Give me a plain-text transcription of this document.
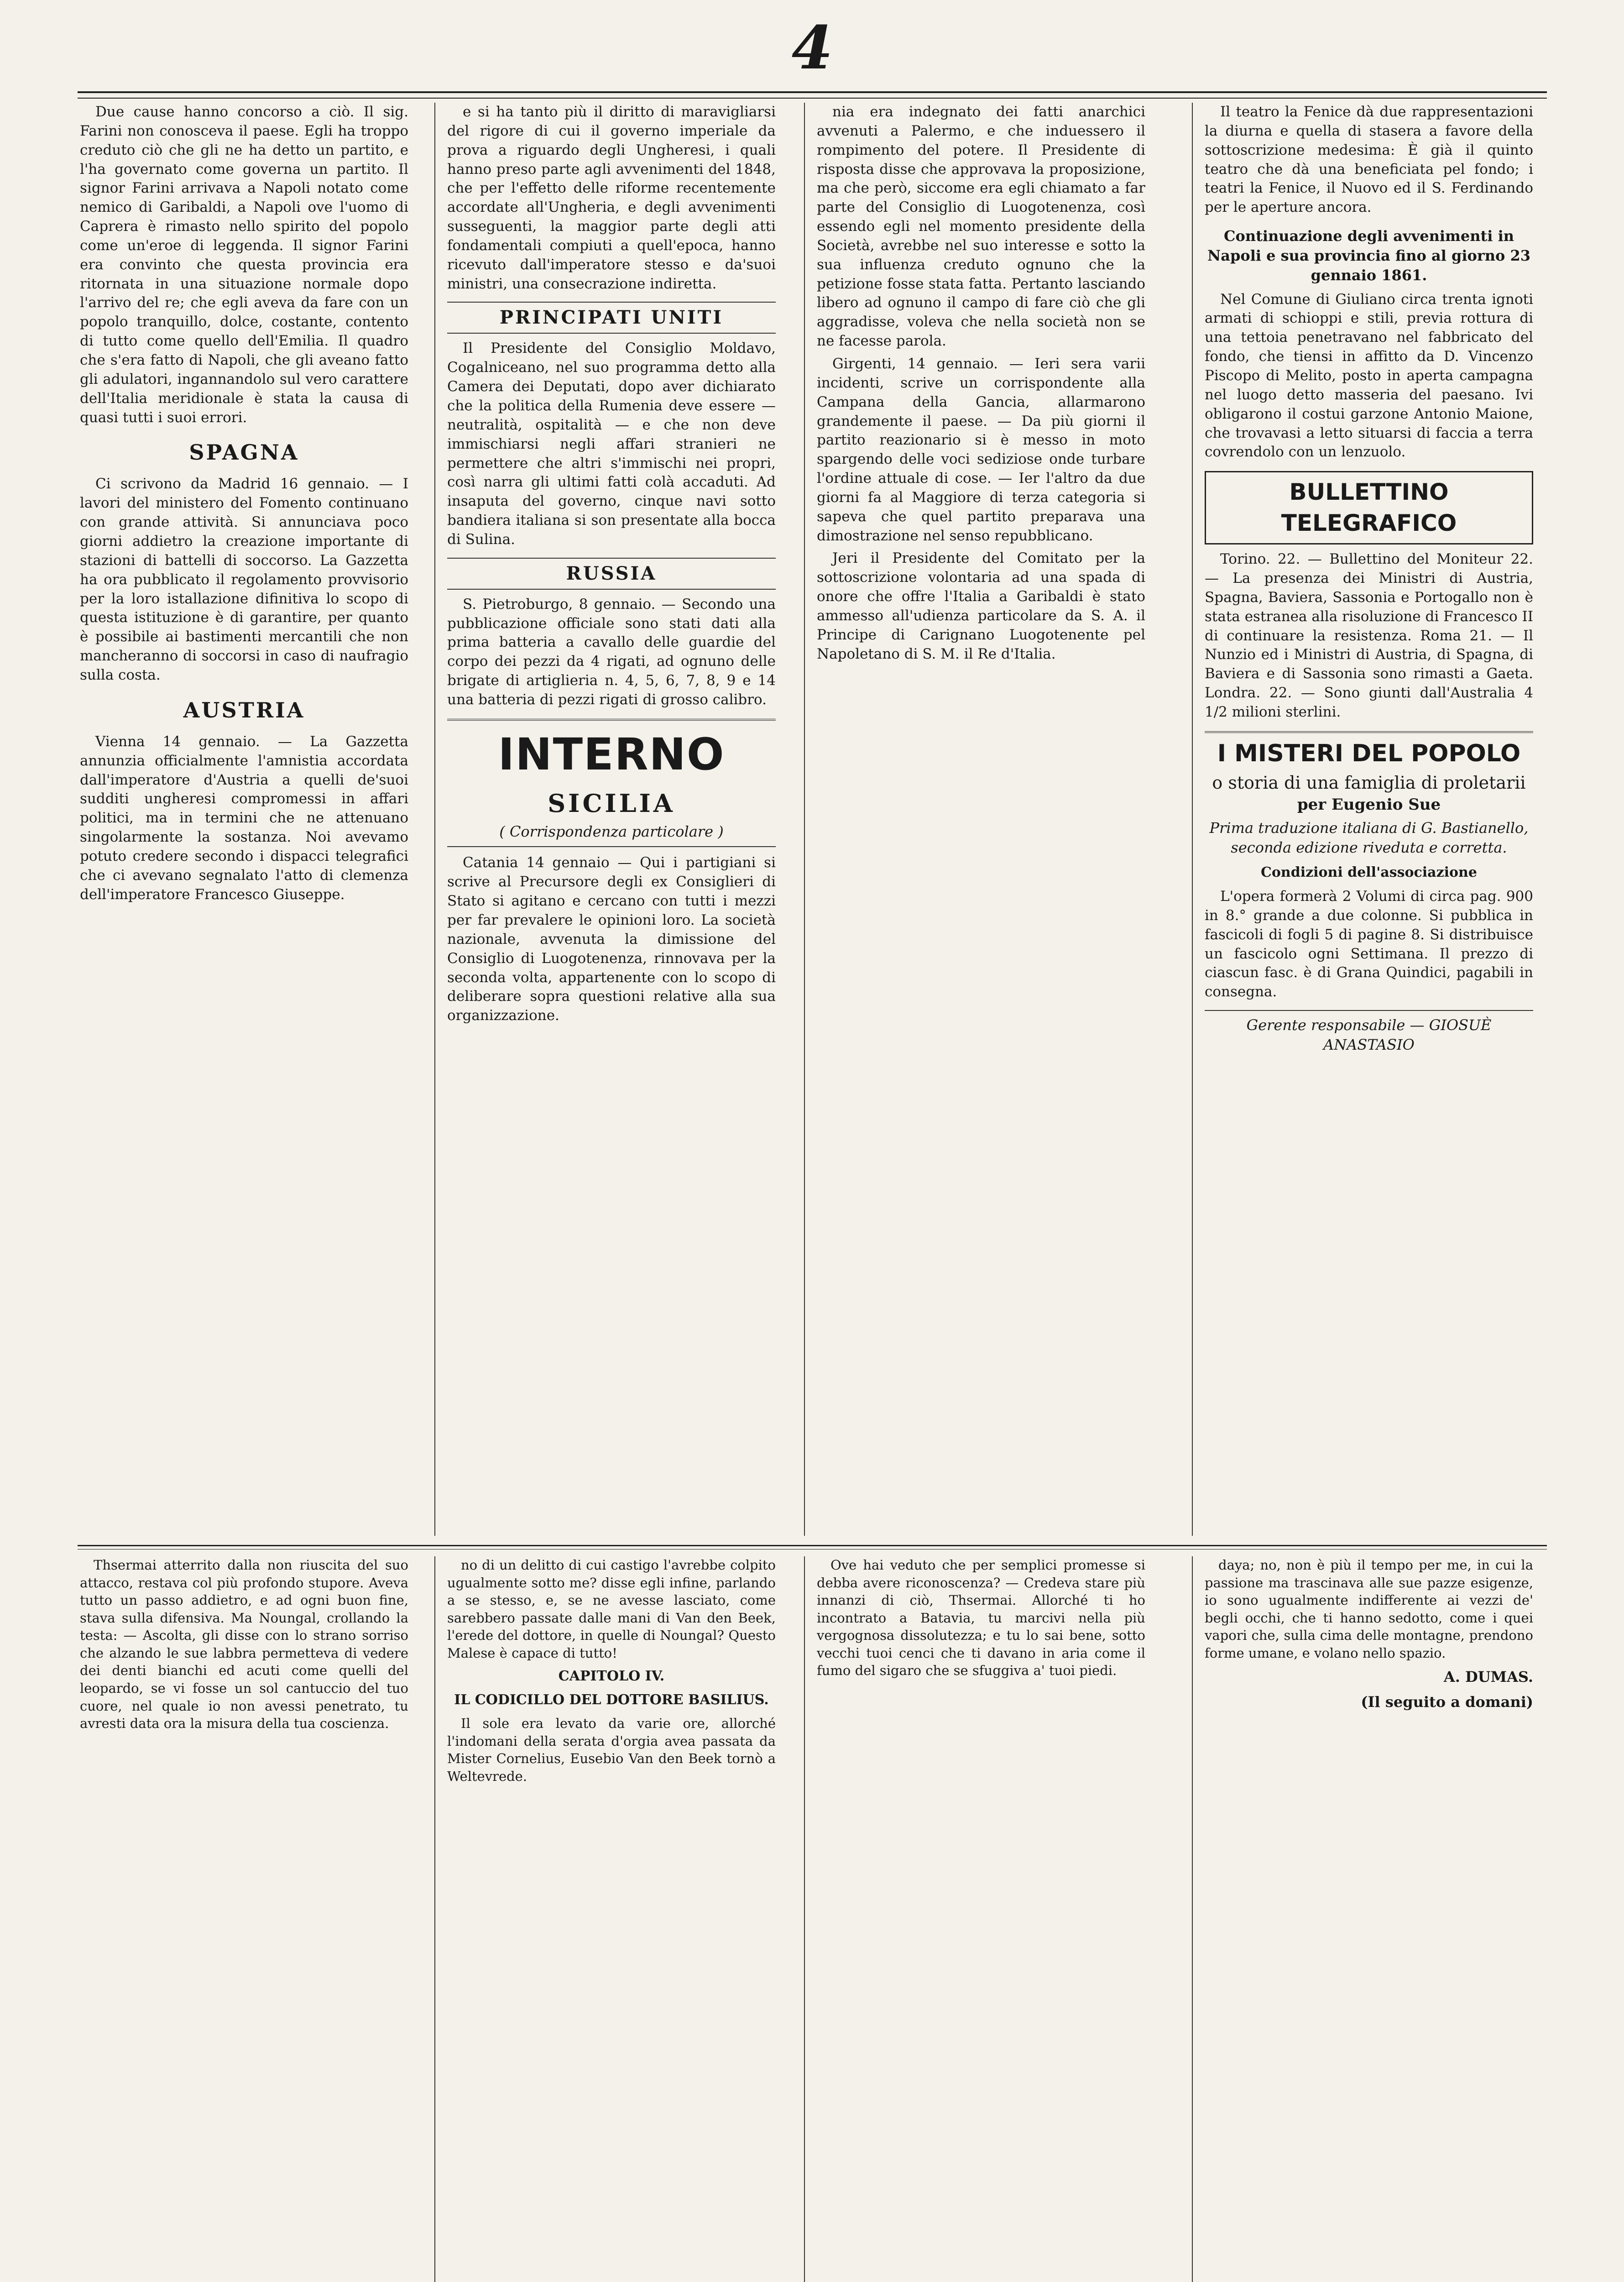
4

Due cause hanno concorso a ciò. Il sig. Farini non conosceva il paese. Egli ha troppo creduto ciò che gli ne ha detto un partito, e l'ha governato come governa un partito. Il signor Farini arrivava a Napoli notato come nemico di Garibaldi, a Napoli ove l'uomo di Caprera è rimasto nello spirito del popolo come un'eroe di leggenda. Il signor Farini era convinto che questa provincia era ritornata in una situazione normale dopo l'arrivo del re; che egli aveva da fare con un popolo tranquillo, dolce, costante, contento di tutto come quello dell'Emilia. Il quadro che s'era fatto di Napoli, che gli aveano fatto gli adulatori, ingannandolo sul vero carattere dell'Italia meridionale è stata la causa di quasi tutti i suoi errori.

SPAGNA

Ci scrivono da Madrid 16 gennaio. — I lavori del ministero del Fomento continuano con grande attività. Si annunciava poco giorni addietro la creazione importante di stazioni di battelli di soccorso. La Gazzetta ha ora pubblicato il regolamento provvisorio per la loro istallazione difinitiva lo scopo di questa istituzione è di garantire, per quanto è possibile ai bastimenti mercantili che non mancheranno di soccorsi in caso di naufragio sulla costa.

AUSTRIA

Vienna 14 gennaio. — La Gazzetta annunzia officialmente l'amnistia accordata dall'imperatore d'Austria a quelli de'suoi sudditi ungheresi compromessi in affari politici, ma in termini che ne attenuano singolarmente la sostanza. Noi avevamo potuto credere secondo i dispacci telegrafici che ci avevano segnalato l'atto di clemenza dell'imperatore Francesco Giuseppe.

e si ha tanto più il diritto di maravigliarsi del rigore di cui il governo imperiale da prova a riguardo degli Ungheresi, i quali hanno preso parte agli avvenimenti del 1848, che per l'effetto delle riforme recentemente accordate all'Ungheria, e degli avvenimenti susseguenti, la maggior parte degli atti fondamentali compiuti a quell'epoca, hanno ricevuto dall'imperatore stesso e da'suoi ministri, una consecrazione indiretta.

PRINCIPATI UNITI

Il Presidente del Consiglio Moldavo, Cogalniceano, nel suo programma detto alla Camera dei Deputati, dopo aver dichiarato che la politica della Rumenia deve essere — neutralità, ospitalità — e che non deve immischiarsi negli affari stranieri ne permettere che altri s'immischi nei propri, così narra gli ultimi fatti colà accaduti. Ad insaputa del governo, cinque navi sotto bandiera italiana si son presentate alla bocca di Sulina.

RUSSIA

S. Pietroburgo, 8 gennaio. — Secondo una pubblicazione officiale sono stati dati alla prima batteria a cavallo delle guardie del corpo dei pezzi da 4 rigati, ad ognuno delle brigate di artiglieria n. 4, 5, 6, 7, 8, 9 e 14 una batteria di pezzi rigati di grosso calibro.

INTERNO
SICILIA
( Corrispondenza particolare )

Catania 14 gennaio — Qui i partigiani si scrive al Precursore degli ex Consiglieri di Stato si agitano e cercano con tutti i mezzi per far prevalere le opinioni loro. La società nazionale, avvenuta la dimissione del Consiglio di Luogotenenza, rinnovava per la seconda volta, appartenente con lo scopo di deliberare sopra questioni relative alla sua organizzazione.

nia era indegnato dei fatti anarchici avvenuti a Palermo, e che induessero il rompimento del potere. Il Presidente di risposta disse che approvava la proposizione, ma che però, siccome era egli chiamato a far parte del Consiglio di Luogotenenza, così essendo egli nel momento presidente della Società, avrebbe nel suo interesse e sotto la sua influenza creduto ognuno che la petizione fosse stata fatta. Pertanto lasciando libero ad ognuno il campo di fare ciò che gli aggradisse, voleva che nella società non se ne facesse parola.

Girgenti, 14 gennaio. — Ieri sera varii incidenti, scrive un corrispondente alla Campana della Gancia, allarmarono grandemente il paese. — Da più giorni il partito reazionario si è messo in moto spargendo delle voci sediziose onde turbare l'ordine attuale di cose. — Ier l'altro da due giorni fa al Maggiore di terza categoria si sapeva che quel partito preparava una dimostrazione nel senso repubblicano.

Jeri il Presidente del Comitato per la sottoscrizione volontaria ad una spada di onore che offre l'Italia a Garibaldi è stato ammesso all'udienza particolare da S. A. il Principe di Carignano Luogotenente pel Napoletano di S. M. il Re d'Italia.

Il teatro la Fenice dà due rappresentazioni la diurna e quella di stasera a favore della sottoscrizione medesima: È già il quinto teatro che dà una beneficiata pel fondo; i teatri la Fenice, il Nuovo ed il S. Ferdinando per le aperture ancora.

Continuazione degli avvenimenti in Napoli e sua provincia fino al giorno 23 gennaio 1861.

Nel Comune di Giuliano circa trenta ignoti armati di schioppi e stili, previa rottura di una tettoia penetravano nel fabbricato del fondo, che tiensi in affitto da D. Vincenzo Piscopo di Melito, posto in aperta campagna nel luogo detto masseria del paesano. Ivi obligarono il costui garzone Antonio Maione, che trovavasi a letto situarsi di faccia a terra covrendolo con un lenzuolo.

BULLETTINO TELEGRAFICO

Torino. 22. — Bullettino del Moniteur 22. — La presenza dei Ministri di Austria, Spagna, Baviera, Sassonia e Portogallo non è stata estranea alla risoluzione di Francesco II di continuare la resistenza. Roma 21. — Il Nunzio ed i Ministri di Austria, di Spagna, di Baviera e di Sassonia sono rimasti a Gaeta. Londra. 22. — Sono giunti dall'Australia 4 1/2 milioni sterlini.

I MISTERI DEL POPOLO
o storia di una famiglia di proletarii
per Eugenio Sue
Prima traduzione italiana di G. Bastianello, seconda edizione riveduta e corretta.
Condizioni dell'associazione

L'opera formerà 2 Volumi di circa pag. 900 in 8.° grande a due colonne. Si pubblica in fascicoli di fogli 5 di pagine 8. Si distribuisce un fascicolo ogni Settimana. Il prezzo di ciascun fasc. è di Grana Quindici, pagabili in consegna.

Gerente responsabile — GIOSUÈ ANASTASIO

Thsermai atterrito dalla non riuscita del suo attacco, restava col più profondo stupore. Aveva tutto un passo addietro, e ad ogni buon fine, stava sulla difensiva. Ma Noungal, crollando la testa: — Ascolta, gli disse con lo strano sorriso che alzando le sue labbra permetteva di vedere dei denti bianchi ed acuti come quelli del leopardo, se vi fosse un sol cantuccio del tuo cuore, nel quale io non avessi penetrato, tu avresti data ora la misura della tua coscienza.

no di un delitto di cui castigo l'avrebbe colpito ugualmente sotto me? disse egli infine, parlando a se stesso, e, se ne avesse lasciato, come sarebbero passate dalle mani di Van den Beek, l'erede del dottore, in quelle di Noungal? Questo Malese è capace di tutto!

CAPITOLO IV.
IL CODICILLO DEL DOTTORE BASILIUS.

Il sole era levato da varie ore, allorché l'indomani della serata d'orgia avea passata da Mister Cornelius, Eusebio Van den Beek tornò a Weltevrede.

Ove hai veduto che per semplici promesse si debba avere riconoscenza? — Credeva stare più innanzi di ciò, Thsermai. Allorché ti ho incontrato a Batavia, tu marcivi nella più vergognosa dissolutezza; e tu lo sai bene, sotto vecchi tuoi cenci che ti davano in aria come il fumo del sigaro che se sfuggiva a' tuoi piedi.

daya; no, non è più il tempo per me, in cui la passione ma trascinava alle sue pazze esigenze, io sono ugualmente indifferente ai vezzi de' begli occhi, che ti hanno sedotto, come i quei vapori che, sulla cima delle montagne, prendono forme umane, e volano nello spazio.

A. DUMAS.
(Il seguito a domani)
